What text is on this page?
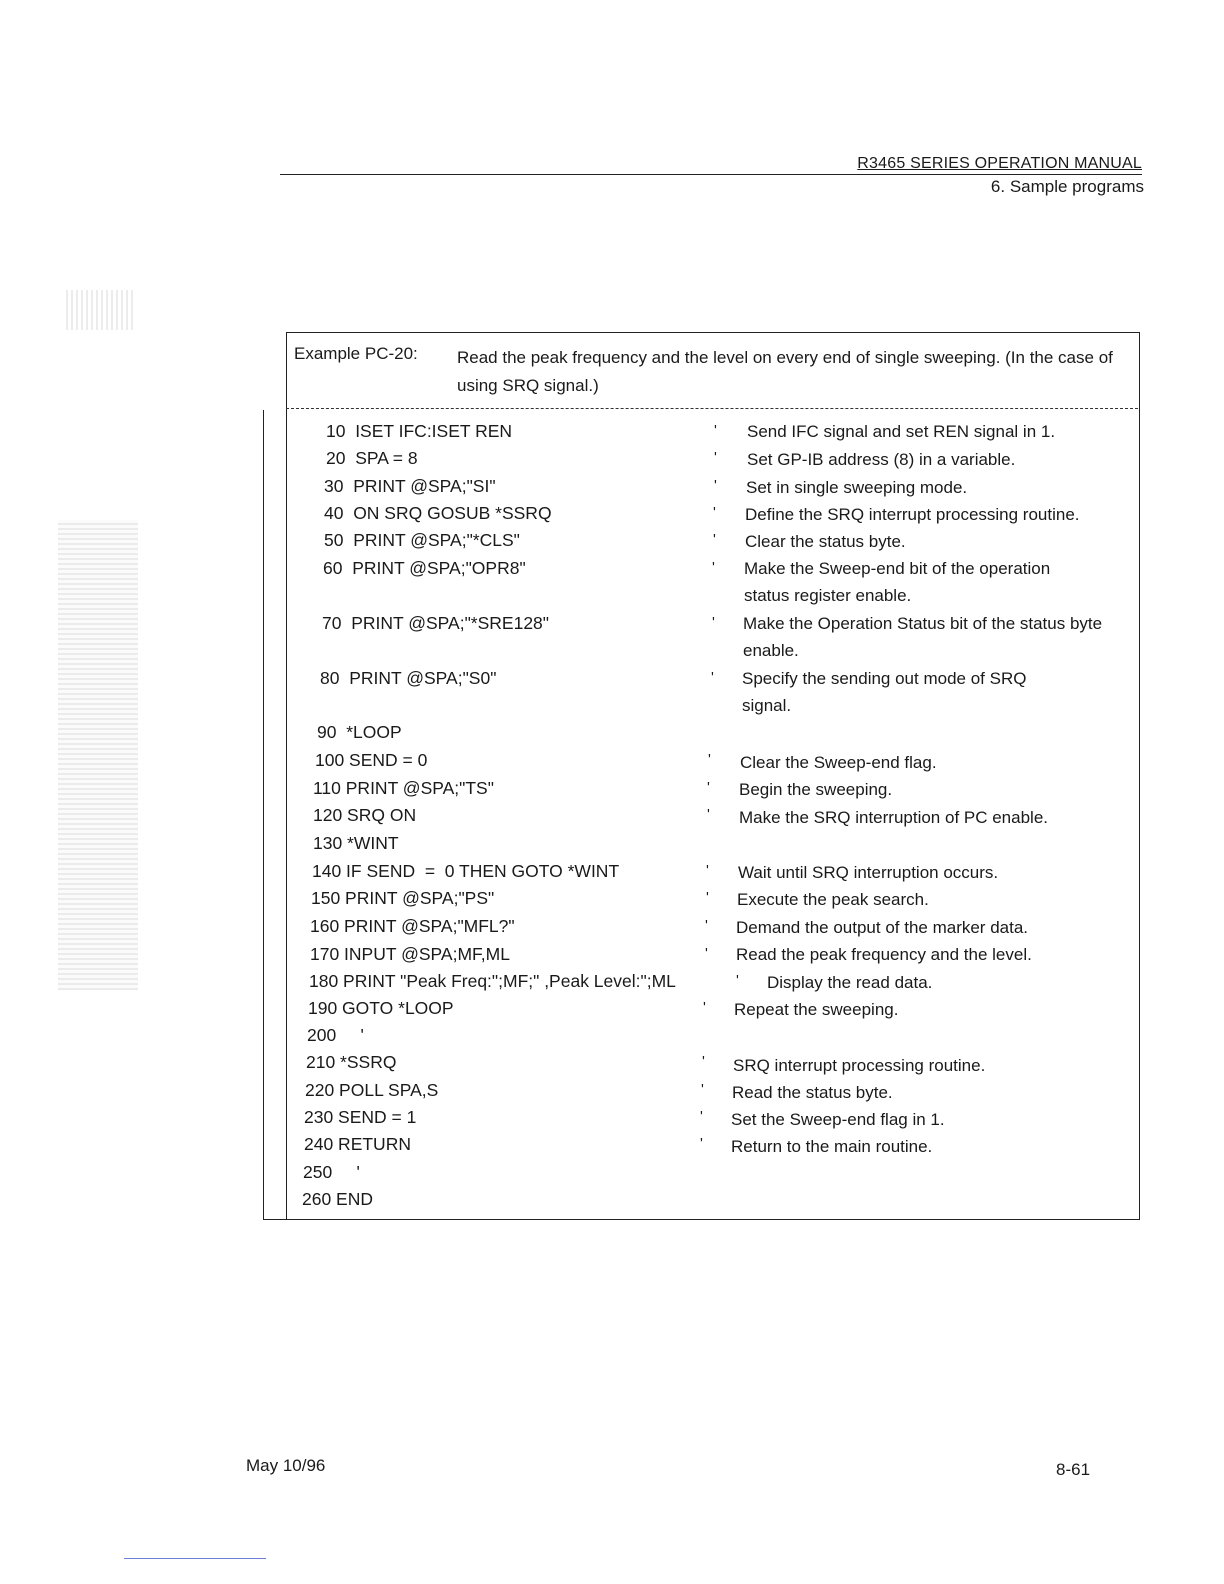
R3465 SERIES OPERATION MANUAL
6. Sample programs
Example PC-20: Read the peak frequency and the level on every end of single sweeping. (In the case of using SRQ signal.)
10  ISET IFC:ISET REN	' Send IFC signal and set REN signal in 1.
20  SPA = 8	' Set GP-IB address (8) in a variable.
30  PRINT @SPA;"SI"	' Set in single sweeping mode.
40  ON SRQ GOSUB *SSRQ	' Define the SRQ interrupt processing routine.
50  PRINT @SPA;"*CLS"	' Clear the status byte.
60  PRINT @SPA;"OPR8"	' Make the Sweep-end bit of the operation status register enable.
70  PRINT @SPA;"*SRE128"	' Make the Operation Status bit of the status byte enable.
80  PRINT @SPA;"S0"	' Specify the sending out mode of SRQ signal.
90  *LOOP
100 SEND = 0	' Clear the Sweep-end flag.
110 PRINT @SPA;"TS"	' Begin the sweeping.
120 SRQ ON	' Make the SRQ interruption of PC enable.
130 *WINT
140 IF SEND  =  0 THEN GOTO *WINT	' Wait until SRQ interruption occurs.
150 PRINT @SPA;"PS"	' Execute the peak search.
160 PRINT @SPA;"MFL?"	' Demand the output of the marker data.
170 INPUT @SPA;MF,ML	' Read the peak frequency and the level.
180 PRINT "Peak Freq:";MF;" ,Peak Level:";ML	' Display the read data.
190 GOTO *LOOP	' Repeat the sweeping.
200     '
210 *SSRQ	' SRQ interrupt processing routine.
220 POLL SPA,S	' Read the status byte.
230 SEND = 1	' Set the Sweep-end flag in 1.
240 RETURN	' Return to the main routine.
250     '
260 END
May 10/96	8-61
